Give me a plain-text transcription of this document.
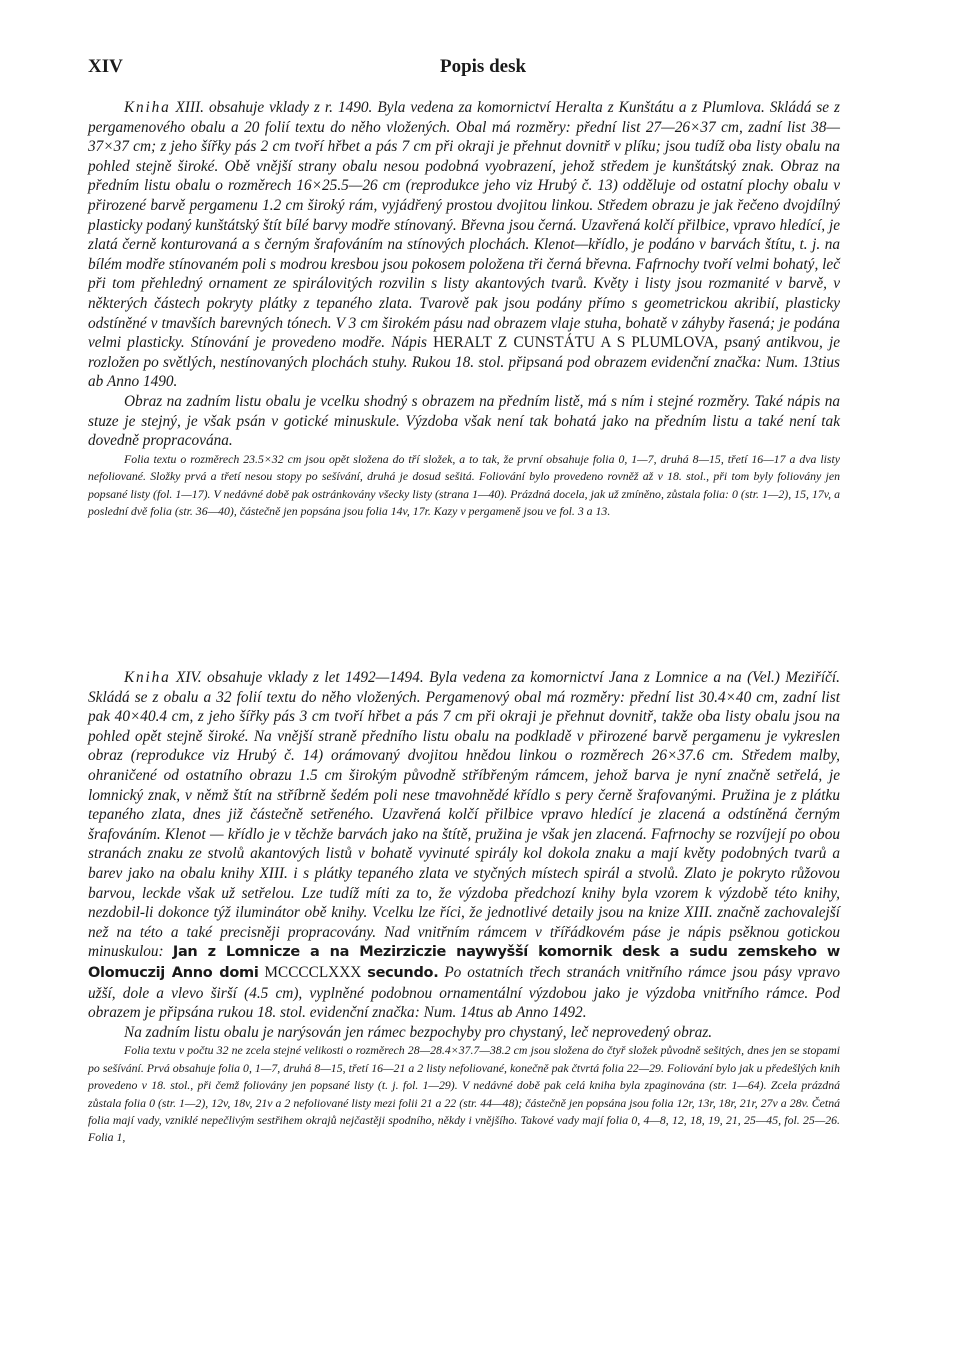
XIV	Popis desk

Kniha XIII. obsahuje vklady z r. 1490. Byla vedena za komornictví Heralta z Kunštátu a z Plumlova. Skládá se z pergamenového obalu a 20 folií textu do něho vložených. Obal má rozměry: přední list 27—26×37 cm, zadní list 38—37×37 cm; z jeho šířky pás 2 cm tvoří hřbet a pás 7 cm při okraji je přehnut dovnitř v plíku; jsou tudíž oba listy obalu na pohled stejně široké. Obě vnější strany obalu nesou podobná vyobrazení, jehož středem je kunštátský znak. Obraz na předním listu obalu o rozměrech 16×25.5—26 cm (reprodukce jeho viz Hrubý č. 13) odděluje od ostatní plochy obalu v přirozené barvě pergamenu 1.2 cm široký rám, vyjádřený prostou dvojitou linkou. Středem obrazu je jak řečeno dvojdílný plasticky podaný kunštátský štít bílé barvy modře stínovaný. Břevna jsou černá. Uzavřená kolčí přilbice, vpravo hledící, je zlatá černě konturovaná a s černým šrafováním na stínových plochách. Klenot—křídlo, je podáno v barvách štítu, t. j. na bílém modře stínovaném poli s modrou kresbou jsou pokosem položena tři černá břevna. Fafrnochy tvoří velmi bohatý, leč při tom přehledný ornament ze spirálovitých rozvilin s listy akantových tvarů. Květy i listy jsou rozmanité v barvě, v některých částech pokryty plátky z tepaného zlata. Tvarově pak jsou podány přímo s geometrickou akribií, plasticky odstíněné v tmavších barevných tónech. V 3 cm širokém pásu nad obrazem vlaje stuha, bohatě v záhyby řasená; je podána velmi plasticky. Stínování je provedeno modře. Nápis HERALT Z CUNSTÁTU A S PLUMLOVA, psaný antikvou, je rozložen po světlých, nestínovaných plochách stuhy. Rukou 18. stol. připsaná pod obrazem evidenční značka: Num. 13tius ab Anno 1490.

Obraz na zadním listu obalu je vcelku shodný s obrazem na předním listě, má s ním i stejné rozměry. Také nápis na stuze je stejný, je však psán v gotické minuskule. Výzdoba však není tak bohatá jako na předním listu a také není tak dovedně propracována.

Folia textu o rozměrech 23.5×32 cm jsou opět složena do tří složek, a to tak, že první obsahuje folia 0, 1—7, druhá 8—15, třetí 16—17 a dva listy nefoliované. Složky prvá a třetí nesou stopy po sešívání, druhá je dosud sešitá. Foliování bylo provedeno rovněž až v 18. stol., při tom byly foliovány jen popsané listy (fol. 1—17). V nedávné době pak ostránkovány všecky listy (strana 1—40). Prázdná docela, jak už zmíněno, zůstala folia: 0 (str. 1—2), 15, 17v, a poslední dvě folia (str. 36—40), částečně jen popsána jsou folia 14v, 17r. Kazy v pergameně jsou ve fol. 3 a 13.

Kniha XIV. obsahuje vklady z let 1492—1494. Byla vedena za komornictví Jana z Lomnice a na (Vel.) Meziříčí. Skládá se z obalu a 32 folií textu do něho vložených. Pergamenový obal má rozměry: přední list 30.4×40 cm, zadní list pak 40×40.4 cm, z jeho šířky pás 3 cm tvoří hřbet a pás 7 cm při okraji je přehnut dovnitř, takže oba listy obalu jsou na pohled opět stejně široké. Na vnější straně předního listu obalu na podkladě v přirozené barvě pergamenu je vykreslen obraz (reprodukce viz Hrubý č. 14) orámovaný dvojitou hnědou linkou o rozměrech 26×37.6 cm. Středem malby, ohraničené od ostatního obrazu 1.5 cm širokým původně stříbřeným rámcem, jehož barva je nyní značně setřelá, je lomnický znak, v němž štít na stříbrně šedém poli nese tmavohnědé křídlo s pery černě šrafovanými. Pružina je z plátku tepaného zlata, dnes již částečně setřeného. Uzavřená kolčí přilbice vpravo hledící je zlacená a odstíněná černým šrafováním. Klenot — křídlo je v těchže barvách jako na štítě, pružina je však jen zlacená. Fafrnochy se rozvíjejí po obou stranách znaku ze stvolů akantových listů v bohatě vyvinuté spirály kol dokola znaku a mají květy podobných tvarů a barev jako na obalu knihy XIII. i s plátky tepaného zlata ve styčných místech spirál a stvolů. Zlato je pokryto růžovou barvou, leckde však už setřelou. Lze tudíž míti za to, že výzdoba předchozí knihy byla vzorem k výzdobě této knihy, nezdobil-li dokonce týž iluminátor obě knihy. Vcelku lze říci, že jednotlivé detaily jsou na knize XIII. značně zachovalejší než na této a také precisněji propracovány. Nad vnitřním rámcem v třířádkovém páse je nápis psěknou gotickou minuskulou: Jan z Lomnicze a na Mezirziczie naywyšší komornik desk a sudu zemskeho w Olomuczij Anno domi MCCCCLXXX secundo. Po ostatních třech stranách vnitřního rámce jsou pásy vpravo užší, dole a vlevo širší (4.5 cm), vyplněné podobnou ornamentální výzdobou jako je výzdoba vnitřního rámce. Pod obrazem je připsána rukou 18. stol. evidenční značka: Num. 14tus ab Anno 1492.

Na zadním listu obalu je narýsován jen rámec bezpochyby pro chystaný, leč neprovedený obraz.

Folia textu v počtu 32 ne zcela stejné velikosti o rozměrech 28—28.4×37.7—38.2 cm jsou složena do čtyř složek původně sešitých, dnes jen se stopami po sešívání. Prvá obsahuje folia 0, 1—7, druhá 8—15, třetí 16—21 a 2 listy nefoliované, konečně pak čtvrtá folia 22—29. Foliování bylo jak u předešlých knih provedeno v 18. stol., při čemž foliovány jen popsané listy (t. j. fol. 1—29). V nedávné době pak celá kniha byla zpaginována (str. 1—64). Zcela prázdná zůstala folia 0 (str. 1—2), 12v, 18v, 21v a 2 nefoliované listy mezi folii 21 a 22 (str. 44—48); částečně jen popsána jsou folia 12r, 13r, 18r, 21r, 27v a 28v. Četná folia mají vady, vzniklé nepečlivým sestřihem okrajů nejčastěji spodního, někdy i vnějšího. Takové vady mají folia 0, 4—8, 12, 18, 19, 21, 25—45, fol. 25—26. Folia 1,
